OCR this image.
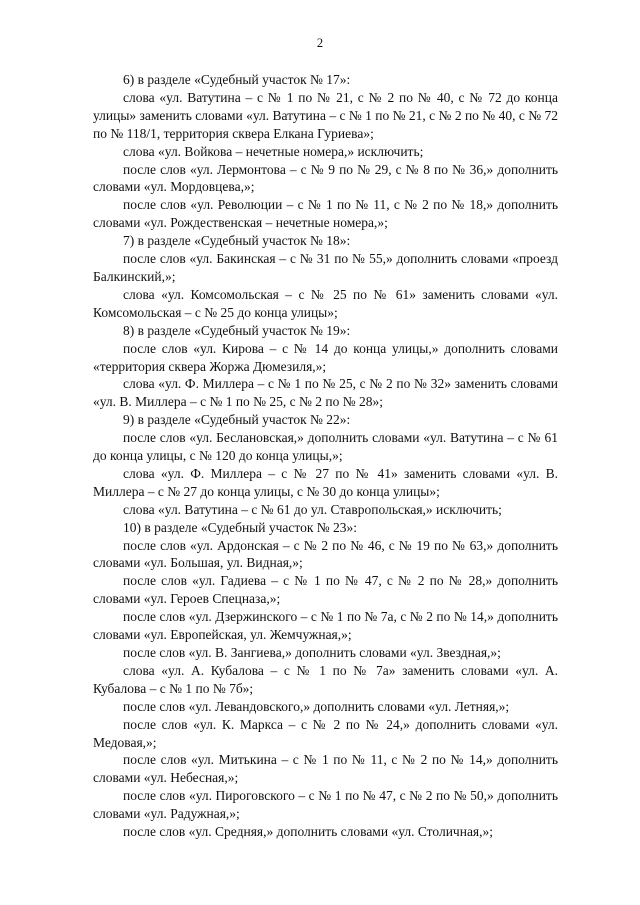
2

6) в разделе «Судебный участок № 17»:

слова «ул. Ватутина – с № 1 по № 21, с № 2 по № 40, с № 72 до конца улицы» заменить словами «ул. Ватутина – с № 1 по № 21, с № 2 по № 40, с № 72 по № 118/1, территория сквера Елкана Гуриева»;

слова «ул. Войкова – нечетные номера,» исключить;

после слов «ул. Лермонтова – с № 9 по № 29, с № 8 по № 36,» дополнить словами «ул. Мордовцева,»;

после слов «ул. Революции – с № 1 по № 11, с № 2 по № 18,» дополнить словами «ул. Рождественская – нечетные номера,»;

7) в разделе «Судебный участок № 18»:

после слов «ул. Бакинская – с № 31 по № 55,» дополнить словами «проезд Балкинский,»;

слова «ул. Комсомольская – с № 25 по № 61» заменить словами «ул. Комсомольская – с № 25 до конца улицы»;

8) в разделе «Судебный участок № 19»:

после слов «ул. Кирова – с № 14 до конца улицы,» дополнить словами «территория сквера Жоржа Дюмезиля,»;

слова «ул. Ф. Миллера – с № 1 по № 25, с № 2 по № 32» заменить словами «ул. В. Миллера – с № 1 по № 25, с № 2 по № 28»;

9) в разделе «Судебный участок № 22»:

после слов «ул. Беслановская,» дополнить словами «ул. Ватутина – с № 61 до конца улицы, с № 120 до конца улицы,»;

слова «ул. Ф. Миллера – с № 27 по № 41» заменить словами «ул. В. Миллера – с № 27 до конца улицы, с № 30 до конца улицы»;

слова «ул. Ватутина – с № 61 до ул. Ставропольская,» исключить;

10) в разделе «Судебный участок № 23»:

после слов «ул. Ардонская – с № 2 по № 46, с № 19 по № 63,» дополнить словами «ул. Большая, ул. Видная,»;

после слов «ул. Гадиева – с № 1 по № 47, с № 2 по № 28,» дополнить словами «ул. Героев Спецназа,»;

после слов «ул. Дзержинского – с № 1 по № 7а, с № 2 по № 14,» дополнить словами «ул. Европейская, ул. Жемчужная,»;

после слов «ул. В. Зангиева,» дополнить словами «ул. Звездная,»;

слова «ул. А. Кубалова – с № 1 по № 7а» заменить словами «ул. А. Кубалова – с № 1 по № 7б»;

после слов «ул. Левандовского,» дополнить словами «ул. Летняя,»;

после слов «ул. К. Маркса – с № 2 по № 24,» дополнить словами «ул. Медовая,»;

после слов «ул. Митькина – с № 1 по № 11, с № 2 по № 14,» дополнить словами «ул. Небесная,»;

после слов «ул. Пироговского – с № 1 по № 47, с № 2 по № 50,» дополнить словами «ул. Радужная,»;

после слов «ул. Средняя,» дополнить словами «ул. Столичная,»;
